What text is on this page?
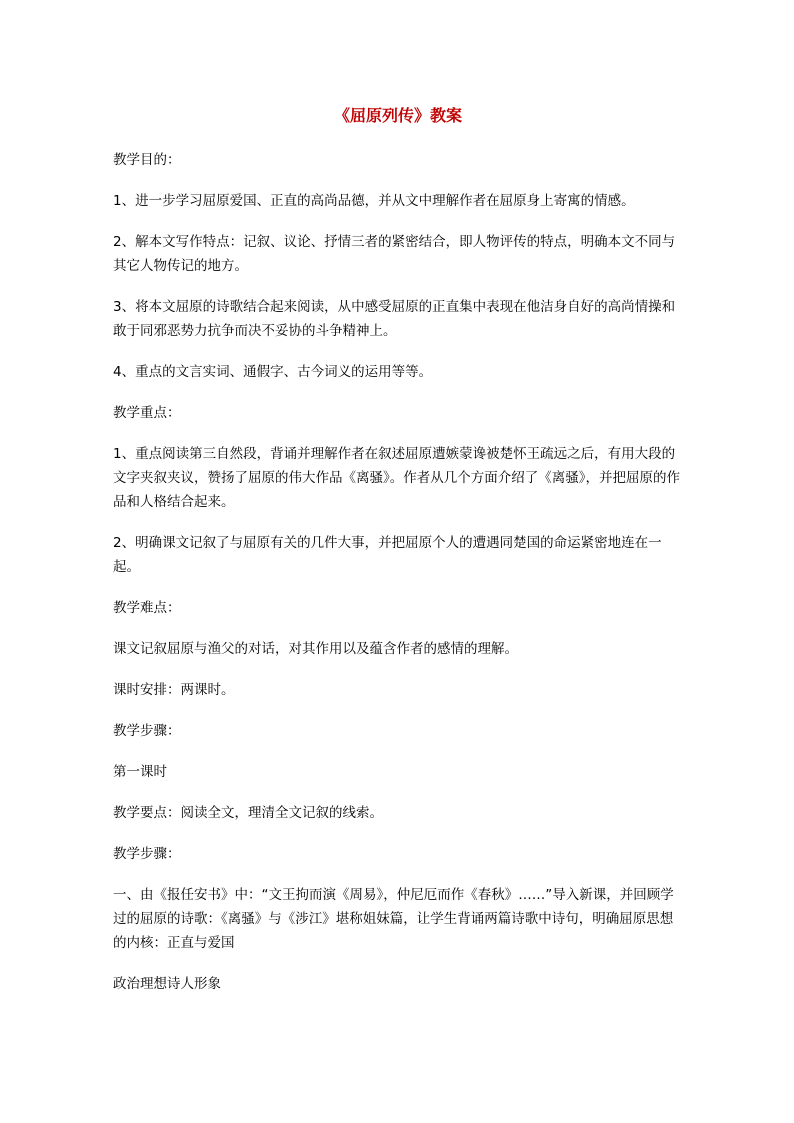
《屈原列传》教案

教学目的：

1、进一步学习屈原爱国、正直的高尚品德，并从文中理解作者在屈原身上寄寓的情感。

2、解本文写作特点：记叙、议论、抒情三者的紧密结合，即人物评传的特点，明确本文不同与其它人物传记的地方。

3、将本文屈原的诗歌结合起来阅读，从中感受屈原的正直集中表现在他洁身自好的高尚情操和敢于同邪恶势力抗争而决不妥协的斗争精神上。

4、重点的文言实词、通假字、古今词义的运用等等。

教学重点：

1、重点阅读第三自然段，背诵并理解作者在叙述屈原遭嫉蒙谗被楚怀王疏远之后，有用大段的文字夹叙夹议，赞扬了屈原的伟大作品《离骚》。作者从几个方面介绍了《离骚》，并把屈原的作品和人格结合起来。

2、明确课文记叙了与屈原有关的几件大事，并把屈原个人的遭遇同楚国的命运紧密地连在一起。

教学难点：

课文记叙屈原与渔父的对话，对其作用以及蕴含作者的感情的理解。

课时安排：两课时。

教学步骤：

第一课时

教学要点：阅读全文，理清全文记叙的线索。

教学步骤：

一、由《报任安书》中：“文王拘而演《周易》，仲尼厄而作《春秋》……”导入新课，并回顾学过的屈原的诗歌：《离骚》与《涉江》堪称姐妹篇，让学生背诵两篇诗歌中诗句，明确屈原思想的内核：正直与爱国

政治理想诗人形象
